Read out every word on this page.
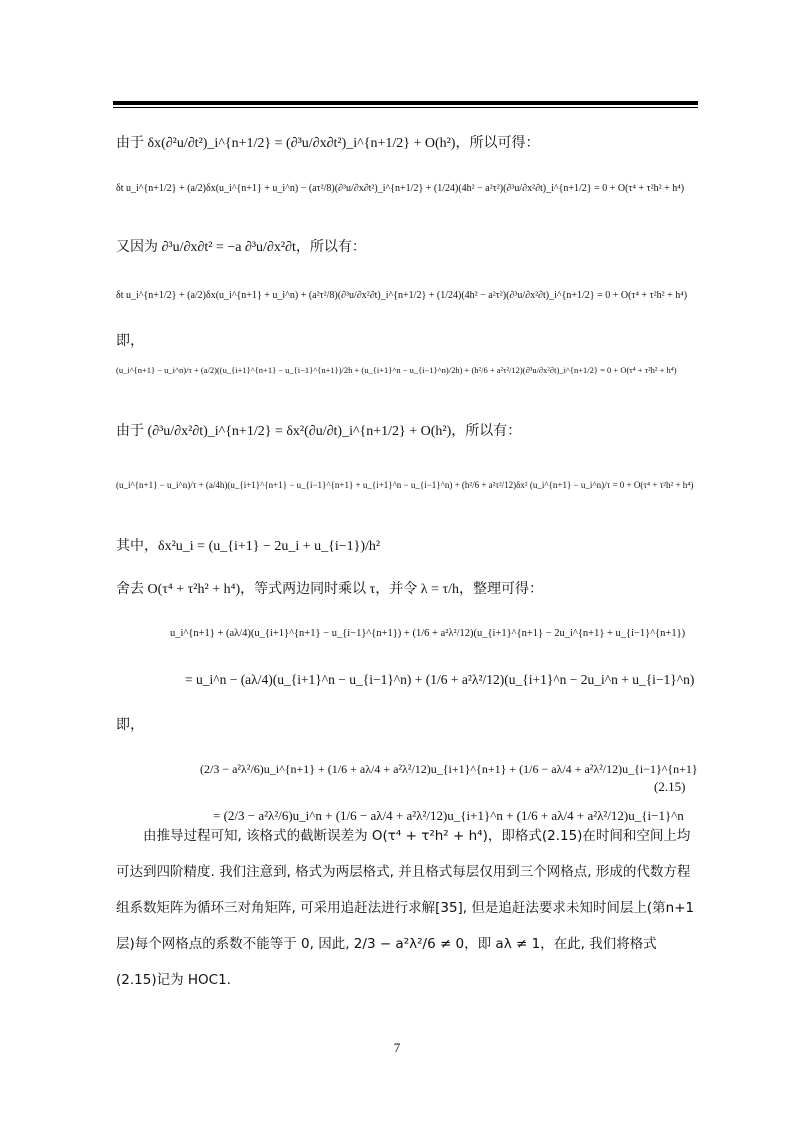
由于 δx(∂²u/∂t²)_i^{n+1/2} = (∂³u/∂x∂t²)_i^{n+1/2} + O(h²)，所以可得：
δt u_i^{n+1/2} + (a/2)δx(u_i^{n+1} + u_i^n) − (aτ²/8)(∂³u/∂x∂t²)_i^{n+1/2} + (1/24)(4h² − a²τ²)(∂³u/∂x²∂t)_i^{n+1/2} = 0 + O(τ⁴ + τ²h² + h⁴)
又因为 ∂³u/∂x∂t² = −a ∂³u/∂x²∂t，所以有：
δt u_i^{n+1/2} + (a/2)δx(u_i^{n+1} + u_i^n) + (a²τ²/8)(∂³u/∂x²∂t)_i^{n+1/2} + (1/24)(4h² − a²τ²)(∂³u/∂x²∂t)_i^{n+1/2} = 0 + O(τ⁴ + τ²h² + h⁴)
即，
(u_i^{n+1} − u_i^n)/τ + (a/2)((u_{i+1}^{n+1} − u_{i−1}^{n+1})/2h + (u_{i+1}^n − u_{i−1}^n)/2h) + (h²/6 + a²τ²/12)(∂³u/∂x²∂t)_i^{n+1/2} = 0 + O(τ⁴ + τ²h² + h⁴)
由于 (∂³u/∂x²∂t)_i^{n+1/2} = δx²(∂u/∂t)_i^{n+1/2} + O(h²)，所以有：
(u_i^{n+1} − u_i^n)/τ + (a/4h)(u_{i+1}^{n+1} − u_{i−1}^{n+1} + u_{i+1}^n − u_{i−1}^n) + (h²/6 + a²τ²/12)δx² (u_i^{n+1} − u_i^n)/τ = 0 + O(τ⁴ + τ²h² + h⁴)
其中，δx²u_i = (u_{i+1} − 2u_i + u_{i−1})/h²
舍去 O(τ⁴ + τ²h² + h⁴)，等式两边同时乘以 τ，并令 λ = τ/h，整理可得：
u_i^{n+1} + (aλ/4)(u_{i+1}^{n+1} − u_{i−1}^{n+1}) + (1/6 + a²λ²/12)(u_{i+1}^{n+1} − 2u_i^{n+1} + u_{i−1}^{n+1})
= u_i^n − (aλ/4)(u_{i+1}^n − u_{i−1}^n) + (1/6 + a²λ²/12)(u_{i+1}^n − 2u_i^n + u_{i−1}^n)
即，
(2/3 − a²λ²/6)u_i^{n+1} + (1/6 + aλ/4 + a²λ²/12)u_{i+1}^{n+1} + (1/6 − aλ/4 + a²λ²/12)u_{i−1}^{n+1}
= (2/3 − a²λ²/6)u_i^n + (1/6 − aλ/4 + a²λ²/12)u_{i+1}^n + (1/6 + aλ/4 + a²λ²/12)u_{i−1}^n
(2.15)
　　由推导过程可知, 该格式的截断误差为 O(τ⁴ + τ²h² + h⁴)，即格式(2.15)在时间和空间上均可达到四阶精度. 我们注意到, 格式为两层格式, 并且格式每层仅用到三个网格点, 形成的代数方程组系数矩阵为循环三对角矩阵, 可采用追赶法进行求解[35], 但是追赶法要求未知时间层上(第n+1 层)每个网格点的系数不能等于 0, 因此, 2/3 − a²λ²/6 ≠ 0，即 aλ ≠ 1，在此, 我们将格式(2.15)记为 HOC1.
7
